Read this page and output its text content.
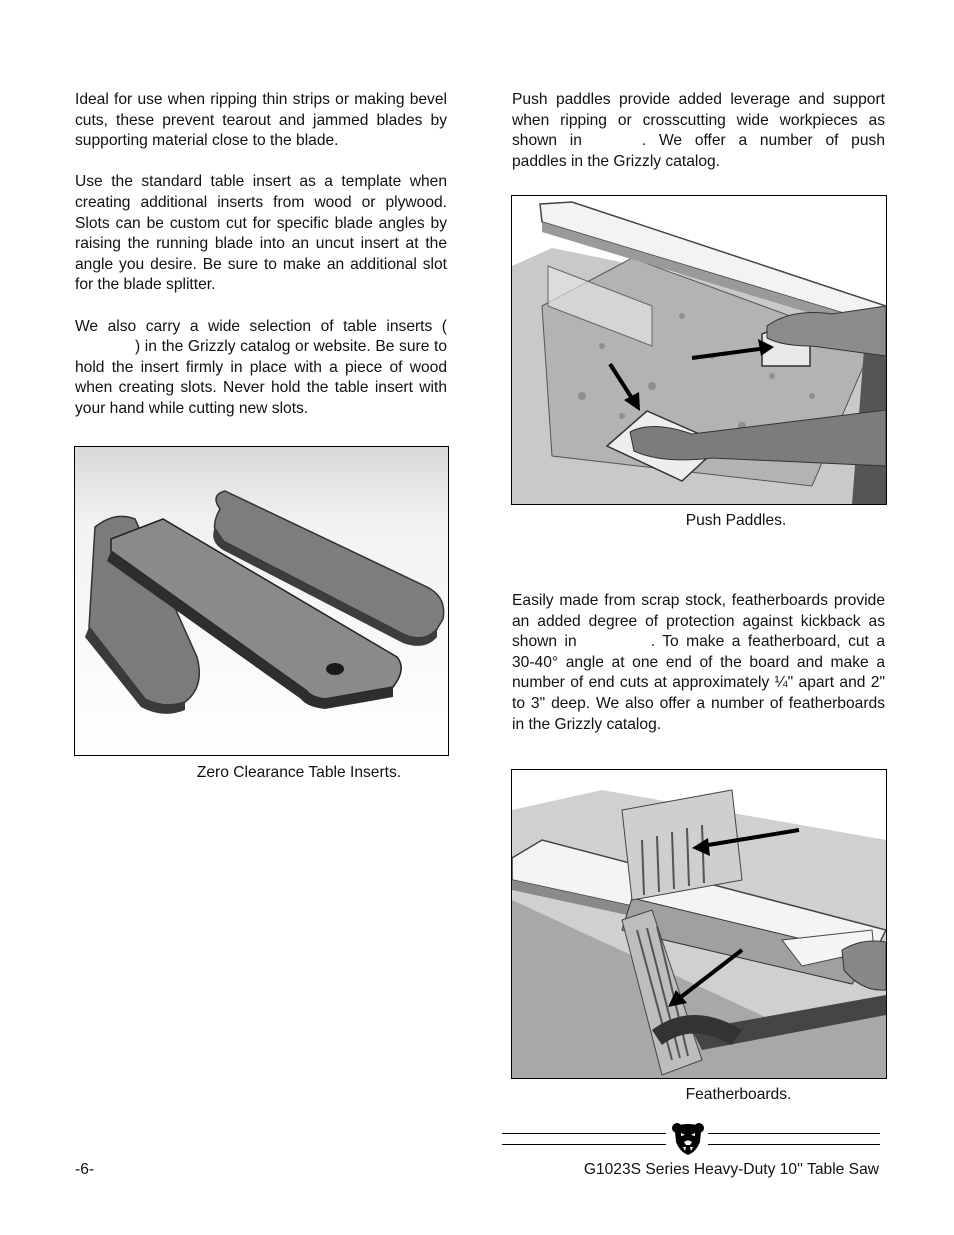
Ideal for use when ripping thin strips or making bevel cuts, these prevent tearout and jammed blades by supporting material close to the blade.

Use the standard table insert as a template when creating additional inserts from wood or plywood. Slots can be custom cut for specific blade angles by raising the running blade into an uncut insert at the angle you desire. Be sure to make an additional slot for the blade splitter.

We also carry a wide selection of table inserts () in the Grizzly catalog or website. Be sure to hold the insert firmly in place with a piece of wood when creating slots. Never hold the table insert with your hand while cutting new slots.

Push paddles provide added leverage and support when ripping or crosscutting wide workpieces as shown in	. We offer a number of push paddles in the Grizzly catalog.

Easily made from scrap stock, featherboards provide an added degree of protection against kickback as shown in	. To make a featherboard, cut a 30-40° angle at one end of the board and make a number of end cuts at approximately ¼" apart and 2" to 3" deep. We also offer a number of featherboards in the Grizzly catalog.

Zero Clearance Table Inserts.
Push Paddles.
Featherboards.
-6-	G1023S Series Heavy-Duty 10'' Table Saw
